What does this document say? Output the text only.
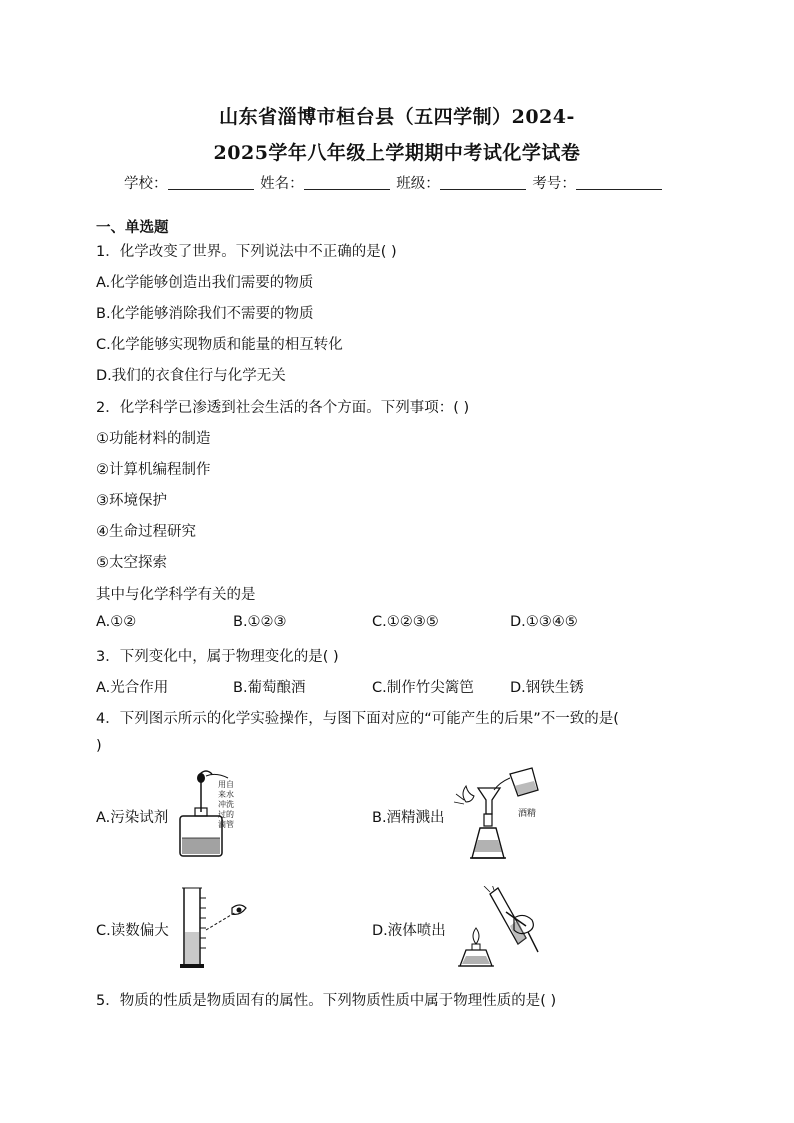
山东省淄博市桓台县（五四学制）2024-
2025学年八年级上学期期中考试化学试卷
学校：	姓名：	班级：	考号：
一、单选题
1．化学改变了世界。下列说法中不正确的是( )
A.化学能够创造出我们需要的物质
B.化学能够消除我们不需要的物质
C.化学能够实现物质和能量的相互转化
D.我们的衣食住行与化学无关
2．化学科学已渗透到社会生活的各个方面。下列事项：( )
①功能材料的制造
②计算机编程制作
③环境保护
④生命过程研究
⑤太空探索
其中与化学科学有关的是
A.①②	B.①②③	C.①②③⑤	D.①③④⑤
3．下列变化中，属于物理变化的是( )
A.光合作用	B.葡萄酿酒	C.制作竹尖篱笆	D.钢铁生锈
4．下列图示所示的化学实验操作，与图下面对应的“可能产生的后果”不一致的是(
)
A.污染试剂	B.酒精溅出
C.读数偏大	D.液体喷出
用自
来水
冲洗
过的
滴管
酒精
5．物质的性质是物质固有的属性。下列物质性质中属于物理性质的是( )
